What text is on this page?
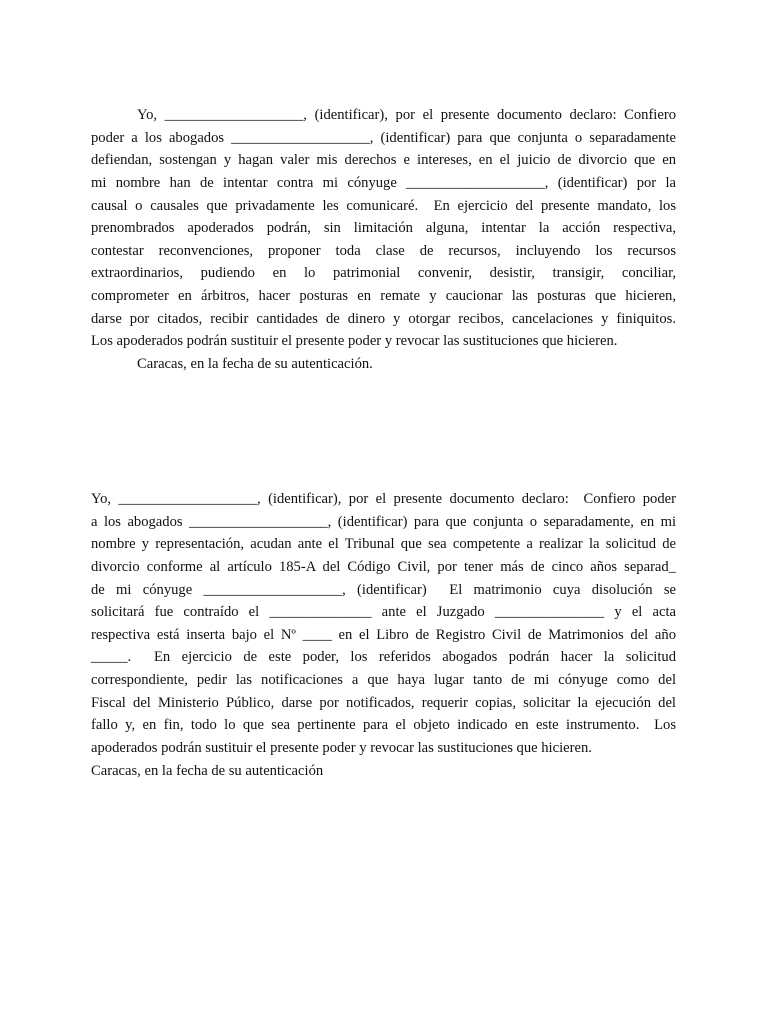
Yo, ___________________, (identificar), por el presente documento declaro: Confiero
poder a los abogados ___________________, (identificar) para que conjunta o separadamente
defiendan, sostengan y hagan valer mis derechos e intereses, en el juicio de divorcio que en
mi nombre han de intentar contra mi cónyuge ___________________, (identificar) por la
causal o causales que privadamente les comunicaré.  En ejercicio del presente mandato, los
prenombrados apoderados podrán, sin limitación alguna, intentar la acción respectiva,
contestar reconvenciones, proponer toda clase de recursos, incluyendo los recursos
extraordinarios, pudiendo en lo patrimonial convenir, desistir, transigir, conciliar,
comprometer en árbitros, hacer posturas en remate y caucionar las posturas que hicieren,
darse por citados, recibir cantidades de dinero y otorgar recibos, cancelaciones y finiquitos.
Los apoderados podrán sustituir el presente poder y revocar las sustituciones que hicieren.
Caracas, en la fecha de su autenticación.
Yo, ___________________, (identificar), por el presente documento declaro:  Confiero poder
a los abogados ___________________, (identificar) para que conjunta o separadamente, en mi
nombre y representación, acudan ante el Tribunal que sea competente a realizar la solicitud de
divorcio conforme al artículo 185-A del Código Civil, por tener más de cinco años separad_
de mi cónyuge ___________________, (identificar)  El matrimonio cuya disolución se
solicitará fue contraído el ______________ ante el Juzgado _______________ y el acta
respectiva está inserta bajo el Nº ____ en el Libro de Registro Civil de Matrimonios del año
_____.  En ejercicio de este poder, los referidos abogados podrán hacer la solicitud
correspondiente, pedir las notificaciones a que haya lugar tanto de mi cónyuge como del
Fiscal del Ministerio Público, darse por notificados, requerir copias, solicitar la ejecución del
fallo y, en fin, todo lo que sea pertinente para el objeto indicado en este instrumento.  Los
apoderados podrán sustituir el presente poder y revocar las sustituciones que hicieren.
Caracas, en la fecha de su autenticación
